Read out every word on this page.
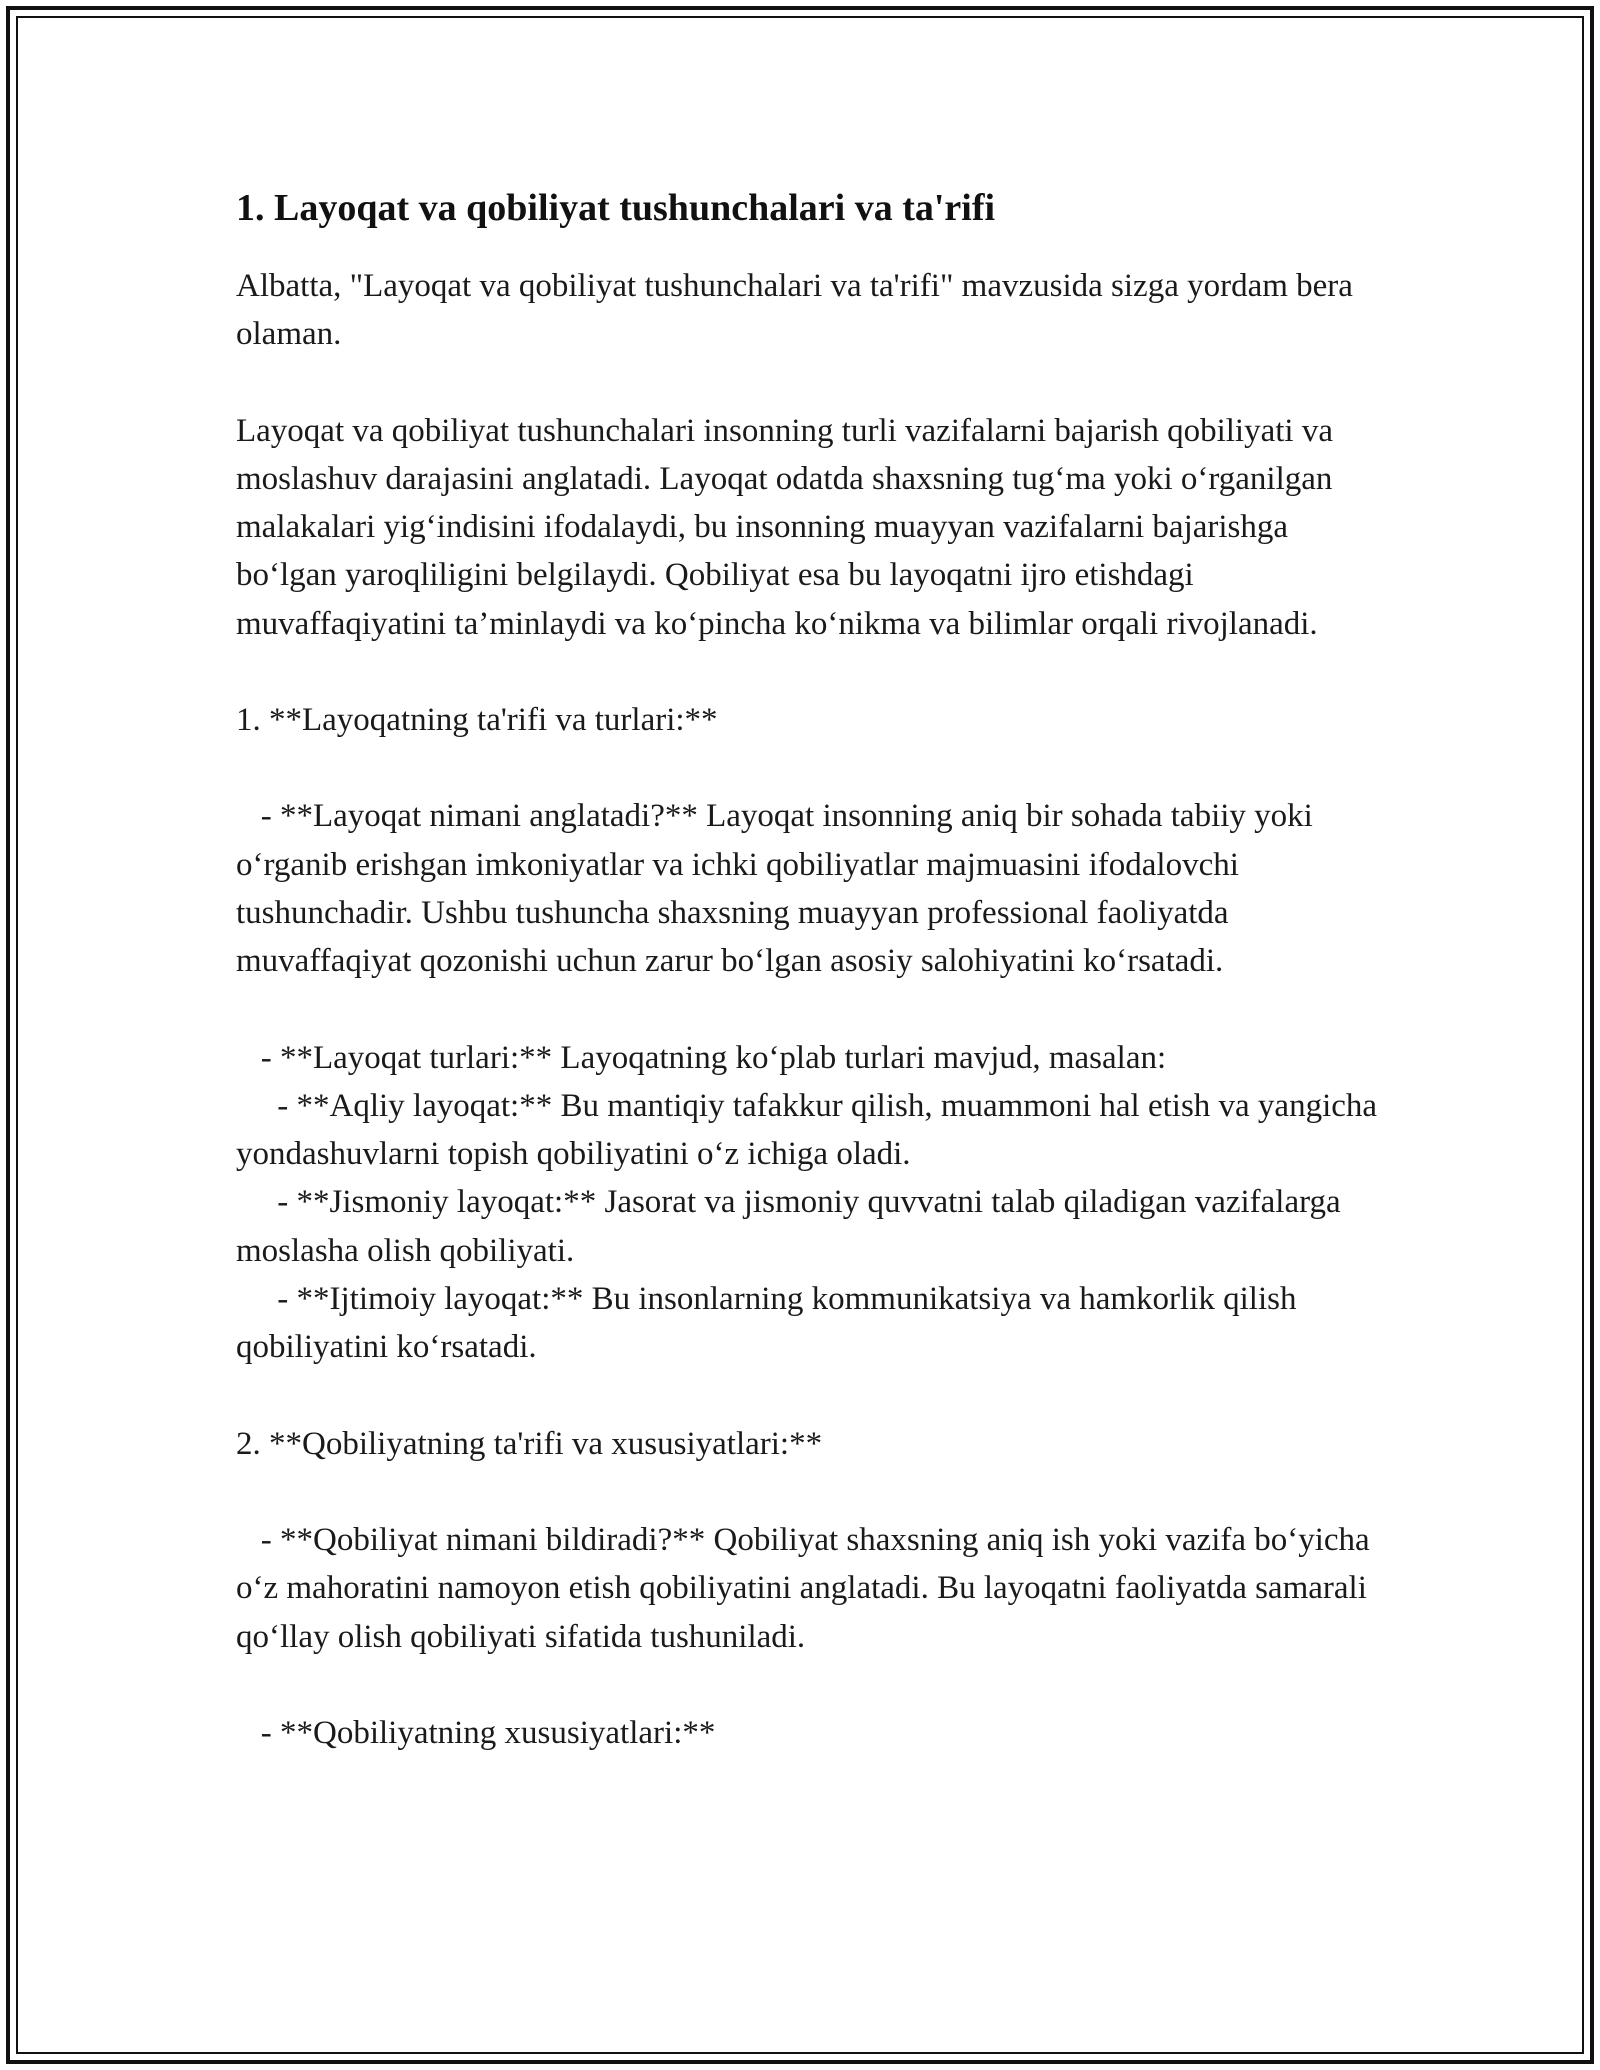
1. Layoqat va qobiliyat tushunchalari va ta'rifi

Albatta, "Layoqat va qobiliyat tushunchalari va ta'rifi" mavzusida sizga yordam bera olaman.

Layoqat va qobiliyat tushunchalari insonning turli vazifalarni bajarish qobiliyati va moslashuv darajasini anglatadi. Layoqat odatda shaxsning tug‘ma yoki o‘rganilgan malakalari yig‘indisini ifodalaydi, bu insonning muayyan vazifalarni bajarishga bo‘lgan yaroqliligini belgilaydi. Qobiliyat esa bu layoqatni ijro etishdagi muvaffaqiyatini ta’minlaydi va ko‘pincha ko‘nikma va bilimlar orqali rivojlanadi.

1. **Layoqatning ta'rifi va turlari:**

- **Layoqat nimani anglatadi?** Layoqat insonning aniq bir sohada tabiiy yoki o‘rganib erishgan imkoniyatlar va ichki qobiliyatlar majmuasini ifodalovchi tushunchadir. Ushbu tushuncha shaxsning muayyan professional faoliyatda muvaffaqiyat qozonishi uchun zarur bo‘lgan asosiy salohiyatini ko‘rsatadi.

- **Layoqat turlari:** Layoqatning ko‘plab turlari mavjud, masalan:
- **Aqliy layoqat:** Bu mantiqiy tafakkur qilish, muammoni hal etish va yangicha yondashuvlarni topish qobiliyatini o‘z ichiga oladi.
- **Jismoniy layoqat:** Jasorat va jismoniy quvvatni talab qiladigan vazifalarga moslasha olish qobiliyati.
- **Ijtimoiy layoqat:** Bu insonlarning kommunikatsiya va hamkorlik qilish qobiliyatini ko‘rsatadi.

2. **Qobiliyatning ta'rifi va xususiyatlari:**

- **Qobiliyat nimani bildiradi?** Qobiliyat shaxsning aniq ish yoki vazifa bo‘yicha o‘z mahoratini namoyon etish qobiliyatini anglatadi. Bu layoqatni faoliyatda samarali qo‘llay olish qobiliyati sifatida tushuniladi.

- **Qobiliyatning xususiyatlari:**
